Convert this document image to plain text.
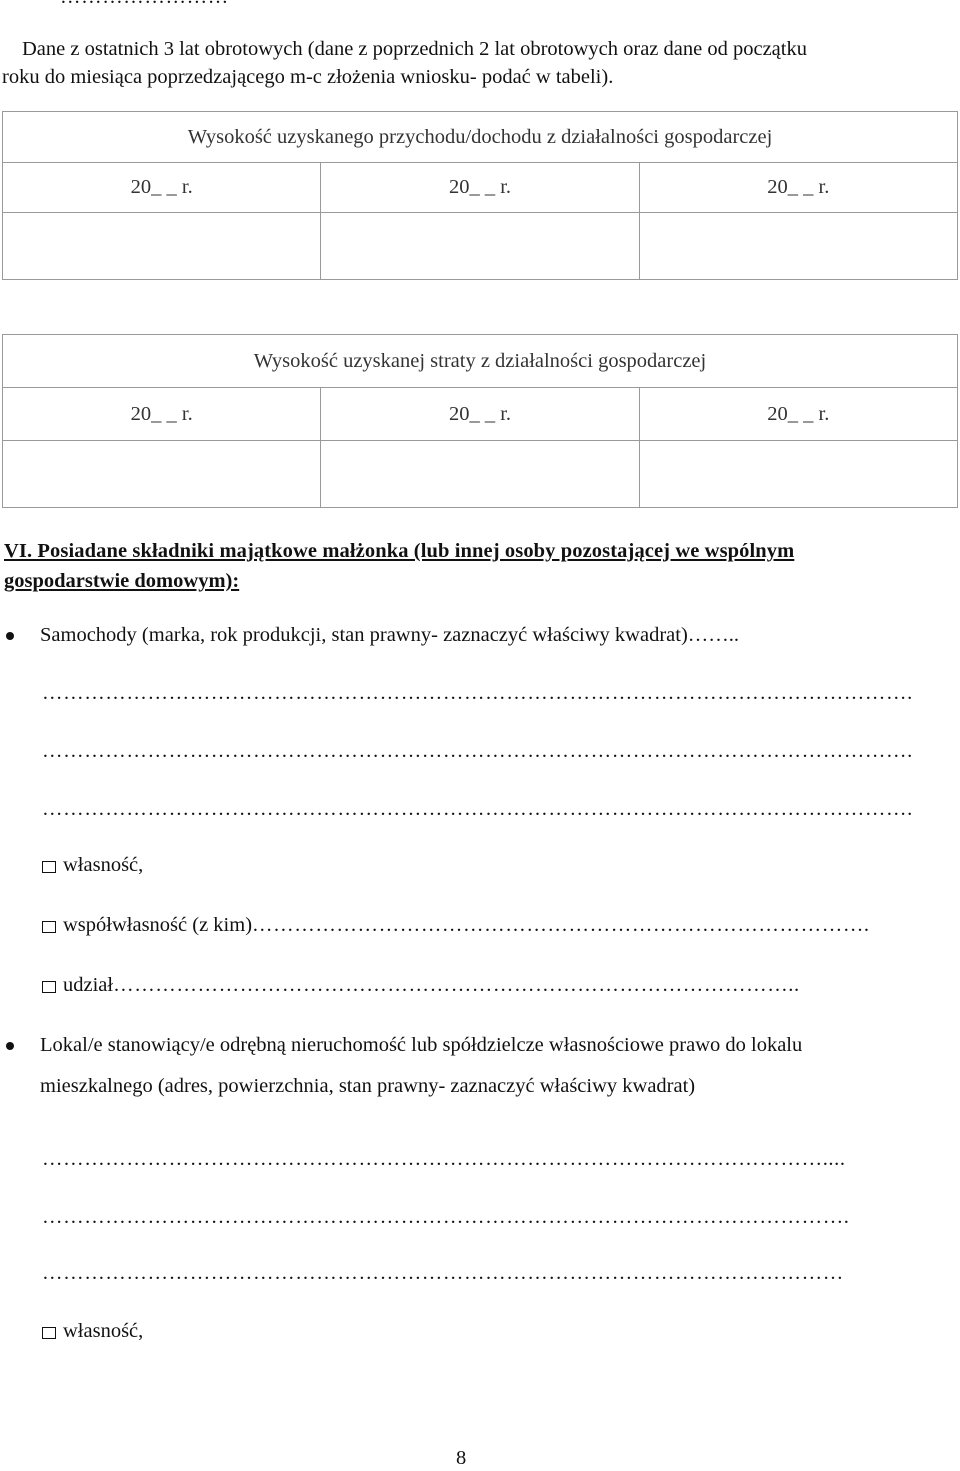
Dane z ostatnich 3 lat obrotowych (dane z poprzednich 2 lat obrotowych oraz dane od początku
roku do miesiąca poprzedzającego m-c złożenia wniosku- podać w tabeli).
Wysokość uzyskanego przychodu/dochodu z działalności gospodarczej		
20_ _ r.	20_ _ r.	20_ _ r.

Wysokość uzyskanej straty z działalności gospodarczej		
20_ _ r.	20_ _ r.	20_ _ r.

VI. Posiadane składniki majątkowe małżonka (lub innej osoby pozostającej we wspólnym
gospodarstwie domowym):
Samochody (marka, rok produkcji, stan prawny- zaznaczyć właściwy kwadrat)……..
…………………………………………………………………………………………………………….
…………………………………………………………………………………………………………….
…………………………………………………………………………………………………………….
własność,
współwłasność (z kim)…………………………………………………………………………….
udział……………………………………………………………………………………..
Lokal/e stanowiący/e odrębną nieruchomość lub spółdzielcze własnościowe prawo do lokalu
mieszkalnego (adres, powierzchnia, stan prawny- zaznaczyć właściwy kwadrat)
…………………………………………………………………………………………………....
…………………………………………………………………………………………………….
……………………………………………………………………………………………………
własność,
8
